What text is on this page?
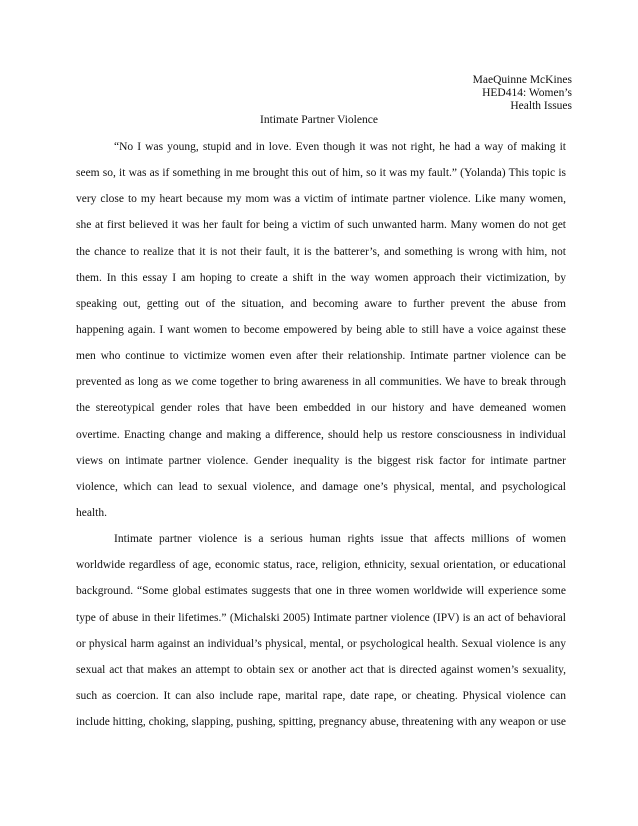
MaeQuinne McKines
HED414: Women’s
Health Issues
Intimate Partner Violence
“No I was young, stupid and in love. Even though it was not right, he had a way of making it
seem so, it was as if something in me brought this out of him, so it was my fault.” (Yolanda) This topic is
very close to my heart because my mom was a victim of intimate partner violence. Like many women,
she at first believed it was her fault for being a victim of such unwanted harm. Many women do not get
the chance to realize that it is not their fault, it is the batterer’s, and something is wrong with him, not
them. In this essay I am hoping to create a shift in the way women approach their victimization, by
speaking out, getting out of the situation, and becoming aware to further prevent the abuse from
happening again. I want women to become empowered by being able to still have a voice against these
men who continue to victimize women even after their relationship. Intimate partner violence can be
prevented as long as we come together to bring awareness in all communities. We have to break through
the stereotypical gender roles that have been embedded in our history and have demeaned women
overtime. Enacting change and making a difference, should help us restore consciousness in individual
views on intimate partner violence. Gender inequality is the biggest risk factor for intimate partner
violence, which can lead to sexual violence, and damage one’s physical, mental, and psychological
health.
Intimate partner violence is a serious human rights issue that affects millions of women
worldwide regardless of age, economic status, race, religion, ethnicity, sexual orientation, or educational
background. “Some global estimates suggests that one in three women worldwide will experience some
type of abuse in their lifetimes.” (Michalski 2005) Intimate partner violence (IPV) is an act of behavioral
or physical harm against an individual’s physical, mental, or psychological health. Sexual violence is any
sexual act that makes an attempt to obtain sex or another act that is directed against women’s sexuality,
such as coercion. It can also include rape, marital rape, date rape, or cheating. Physical violence can
include hitting, choking, slapping, pushing, spitting, pregnancy abuse, threatening with any weapon or use
